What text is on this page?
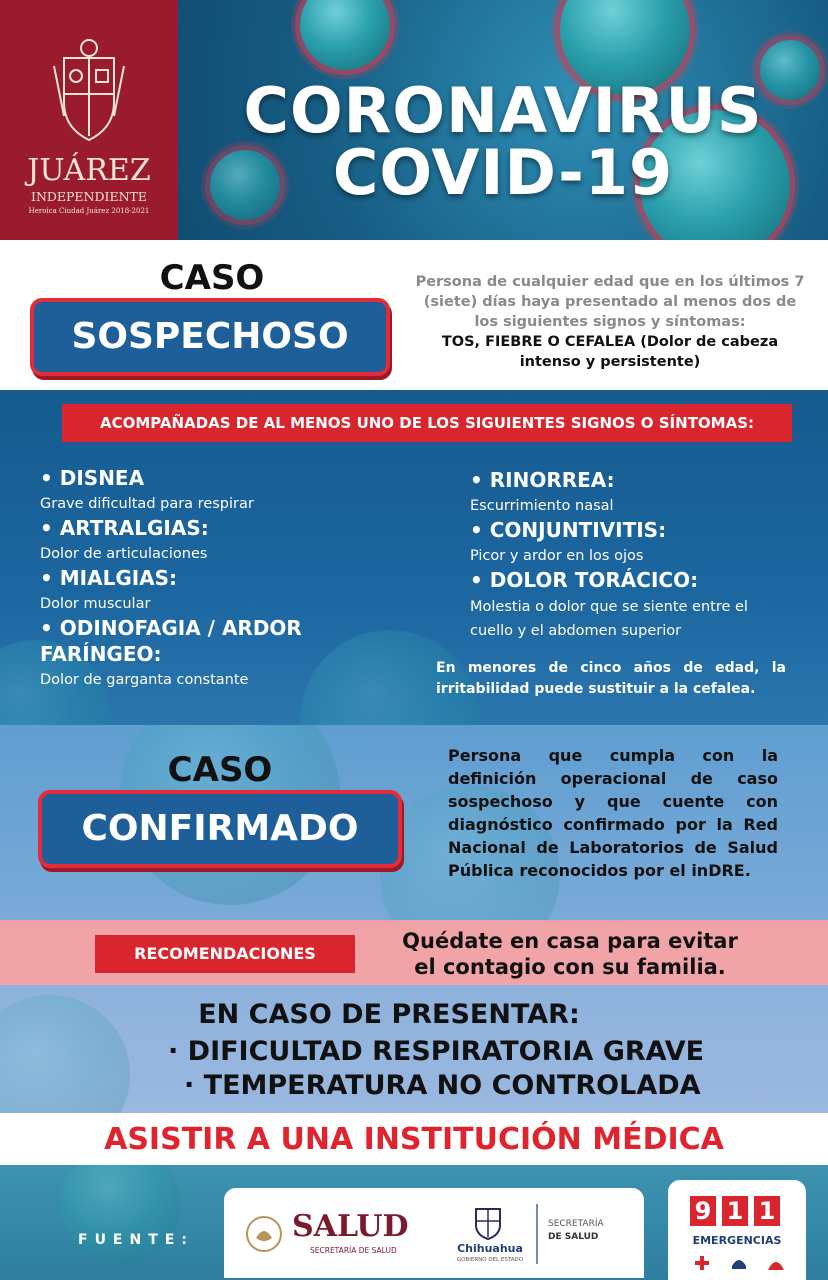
JUÁREZ
INDEPENDIENTE
Heroica Ciudad Juárez 2018-2021
CORONAVIRUS
COVID-19
CASO
SOSPECHOSO
Persona de cualquier edad que en los últimos 7 (siete) días haya presentado al menos dos de los siguientes signos y síntomas:
TOS, FIEBRE O CEFALEA (Dolor de cabeza intenso y persistente)
ACOMPAÑADAS DE AL MENOS UNO DE LOS SIGUIENTES SIGNOS O SÍNTOMAS:
• DISNEA
Grave dificultad para respirar
• ARTRALGIAS:
Dolor de articulaciones
• MIALGIAS:
Dolor muscular
• ODINOFAGIA / ARDOR
FARÍNGEO:
Dolor de garganta constante
• RINORREA:
Escurrimiento nasal
• CONJUNTIVITIS:
Picor y ardor en los ojos
• DOLOR TORÁCICO:
Molestia o dolor que se siente entre el
cuello y el abdomen superior
En menores de cinco años de edad, la irritabilidad puede sustituir a la cefalea.
CASO
CONFIRMADO
Persona que cumpla con la definición operacional de caso sospechoso y que cuente con diagnóstico confirmado por la Red Nacional de Laboratorios de Salud Pública reconocidos por el inDRE.
RECOMENDACIONES
Quédate en casa para evitar
el contagio con su familia.
EN CASO DE PRESENTAR:
· DIFICULTAD RESPIRATORIA GRAVE
· TEMPERATURA NO CONTROLADA
ASISTIR A UNA INSTITUCIÓN MÉDICA
FUENTE:	SALUD
SECRETARÍA DE SALUD	Chihuahua
GOBIERNO DEL ESTADO
SECRETARÍA
DE SALUD
9 1 1
EMERGENCIAS
